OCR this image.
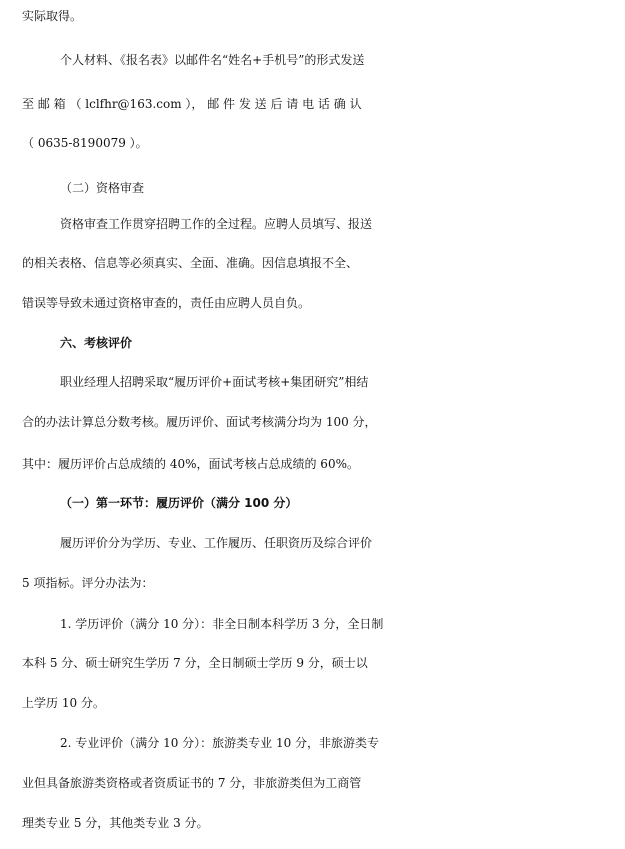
实际取得。
个人材料、《报名表》以邮件名“姓名+手机号”的形式发送
至 邮 箱 （ lclfhr@163.com ）， 邮 件 发 送 后 请 电 话 确 认
（ 0635-8190079 ）。
（二）资格审查
资格审查工作贯穿招聘工作的全过程。应聘人员填写、报送
的相关表格、信息等必须真实、全面、准确。因信息填报不全、
错误等导致未通过资格审查的，责任由应聘人员自负。
六、考核评价
职业经理人招聘采取“履历评价+面试考核+集团研究”相结
合的办法计算总分数考核。履历评价、面试考核满分均为 100 分，
其中：履历评价占总成绩的 40%，面试考核占总成绩的 60%。
（一）第一环节：履历评价（满分 100 分）
履历评价分为学历、专业、工作履历、任职资历及综合评价
5 项指标。评分办法为：
1. 学历评价（满分 10 分）：非全日制本科学历 3 分，全日制
本科 5 分、硕士研究生学历 7 分，全日制硕士学历 9 分，硕士以
上学历 10 分。
2. 专业评价（满分 10 分）：旅游类专业 10 分，非旅游类专
业但具备旅游类资格或者资质证书的 7 分，非旅游类但为工商管
理类专业 5 分，其他类专业 3 分。
